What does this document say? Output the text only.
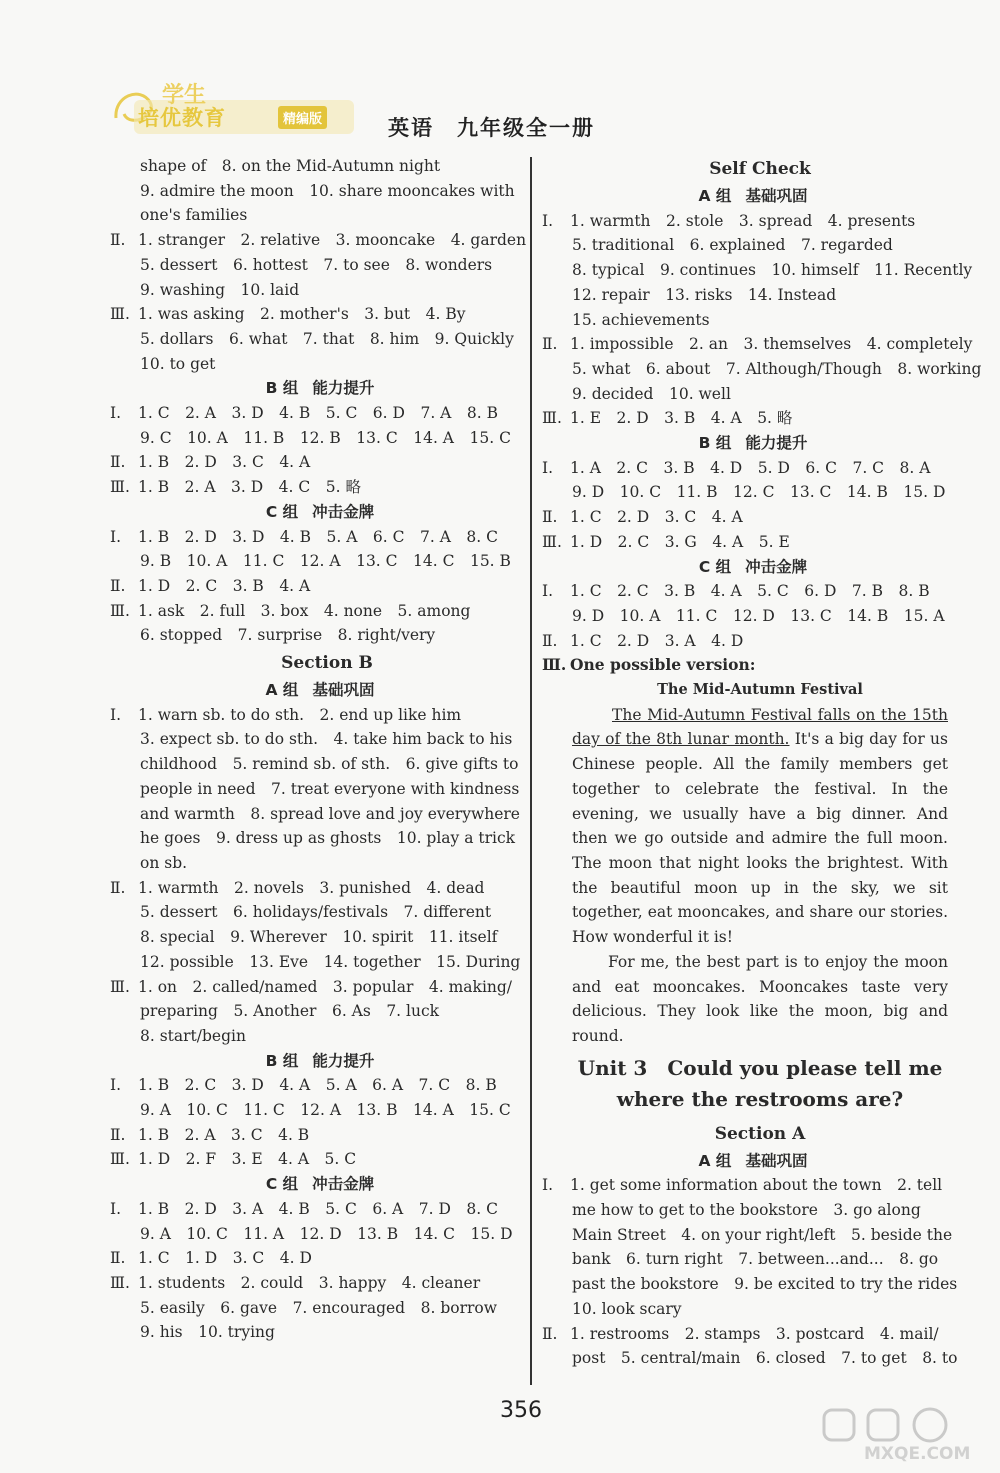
学生
培优教育	精编版	英语　九年级全一册
shape of　8. on the Mid-Autumn night
9. admire the moon　10. share mooncakes with
one's families
Ⅱ. 1. stranger　2. relative　3. mooncake　4. garden
5. dessert　6. hottest　7. to see　8. wonders
9. washing　10. laid
Ⅲ. 1. was asking　2. mother's　3. but　4. By
5. dollars　6. what　7. that　8. him　9. Quickly
10. to get
B 组 能力提升
Ⅰ. 1. C　2. A　3. D　4. B　5. C　6. D　7. A　8. B
9. C　10. A　11. B　12. B　13. C　14. A　15. C
Ⅱ. 1. B　2. D　3. C　4. A
Ⅲ. 1. B　2. A　3. D　4. C　5. 略
C 组 冲击金牌
Ⅰ. 1. B　2. D　3. D　4. B　5. A　6. C　7. A　8. C
9. B　10. A　11. C　12. A　13. C　14. C　15. B
Ⅱ. 1. D　2. C　3. B　4. A
Ⅲ. 1. ask　2. full　3. box　4. none　5. among
6. stopped　7. surprise　8. right/very
Section B
A 组 基础巩固
Ⅰ. 1. warn sb. to do sth.　2. end up like him
3. expect sb. to do sth.　4. take him back to his
childhood　5. remind sb. of sth.　6. give gifts to
people in need　7. treat everyone with kindness
and warmth　8. spread love and joy everywhere
he goes　9. dress up as ghosts　10. play a trick
on sb.
Ⅱ. 1. warmth　2. novels　3. punished　4. dead
5. dessert　6. holidays/festivals　7. different
8. special　9. Wherever　10. spirit　11. itself
12. possible　13. Eve　14. together　15. During
Ⅲ. 1. on　2. called/named　3. popular　4. making/
preparing　5. Another　6. As　7. luck
8. start/begin
B 组 能力提升
Ⅰ. 1. B　2. C　3. D　4. A　5. A　6. A　7. C　8. B
9. A　10. C　11. C　12. A　13. B　14. A　15. C
Ⅱ. 1. B　2. A　3. C　4. B
Ⅲ. 1. D　2. F　3. E　4. A　5. C
C 组 冲击金牌
Ⅰ. 1. B　2. D　3. A　4. B　5. C　6. A　7. D　8. C
9. A　10. C　11. A　12. D　13. B　14. C　15. D
Ⅱ. 1. C　1. D　3. C　4. D
Ⅲ. 1. students　2. could　3. happy　4. cleaner
5. easily　6. gave　7. encouraged　8. borrow
9. his　10. trying
Self Check
A 组 基础巩固
Ⅰ. 1. warmth　2. stole　3. spread　4. presents
5. traditional　6. explained　7. regarded
8. typical　9. continues　10. himself　11. Recently
12. repair　13. risks　14. Instead
15. achievements
Ⅱ. 1. impossible　2. an　3. themselves　4. completely
5. what　6. about　7. Although/Though　8. working
9. decided　10. well
Ⅲ. 1. E　2. D　3. B　4. A　5. 略
B 组 能力提升
Ⅰ. 1. A　2. C　3. B　4. D　5. D　6. C　7. C　8. A
9. D　10. C　11. B　12. C　13. C　14. B　15. D
Ⅱ. 1. C　2. D　3. C　4. A
Ⅲ. 1. D　2. C　3. G　4. A　5. E
C 组 冲击金牌
Ⅰ. 1. C　2. C　3. B　4. A　5. C　6. D　7. B　8. B
9. D　10. A　11. C　12. D　13. C　14. B　15. A
Ⅱ. 1. C　2. D　3. A　4. D
Ⅲ. One possible version:
The Mid-Autumn Festival
The Mid-Autumn Festival falls on the 15th day of the 8th lunar month. It's a big day for us Chinese people. All the family members get together to celebrate the festival. In the evening, we usually have a big dinner. And then we go outside and admire the full moon. The moon that night looks the brightest. With the beautiful moon up in the sky, we sit together, eat mooncakes, and share our stories. How wonderful it is!
For me, the best part is to enjoy the moon and eat mooncakes. Mooncakes taste very delicious. They look like the moon, big and round.
Unit 3　Could you please tell me
where the restrooms are?
Section A
A 组 基础巩固
Ⅰ. 1. get some information about the town　2. tell
me how to get to the bookstore　3. go along
Main Street　4. on your right/left　5. beside the
bank　6. turn right　7. between...and...　8. go
past the bookstore　9. be excited to try the rides
10. look scary
Ⅱ. 1. restrooms　2. stamps　3. postcard　4. mail/
post　5. central/main　6. closed　7. to get　8. to
356
MXQE.COM
